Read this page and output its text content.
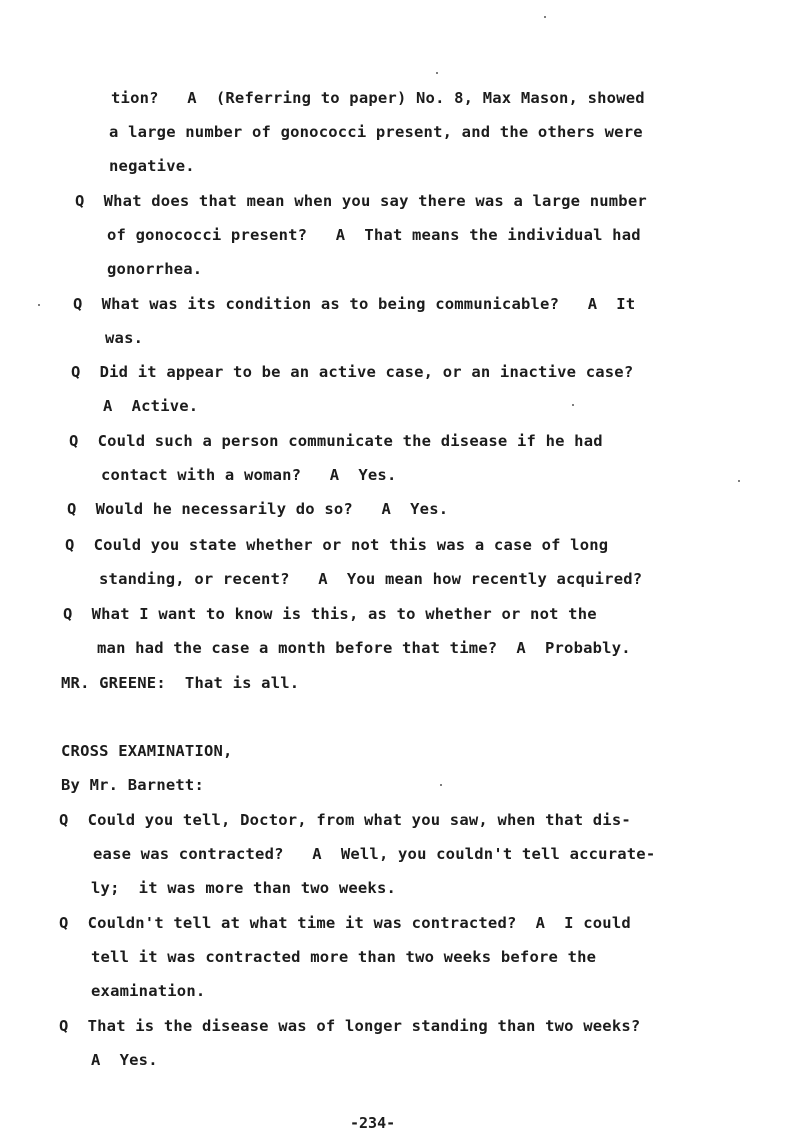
tion?   A  (Referring to paper) No. 8, Max Mason, showed
a large number of gonococci present, and the others were
negative.
Q  What does that mean when you say there was a large number
of gonococci present?   A  That means the individual had
gonorrhea.
Q  What was its condition as to being communicable?   A  It
was.
Q  Did it appear to be an active case, or an inactive case?
A  Active.
Q  Could such a person communicate the disease if he had
contact with a woman?   A  Yes.
Q  Would he necessarily do so?   A  Yes.
Q  Could you state whether or not this was a case of long
standing, or recent?   A  You mean how recently acquired?
Q  What I want to know is this, as to whether or not the
man had the case a month before that time?  A  Probably.
MR. GREENE:  That is all.
CROSS EXAMINATION,
By Mr. Barnett:
Q  Could you tell, Doctor, from what you saw, when that dis-
ease was contracted?   A  Well, you couldn't tell accurate-
ly;  it was more than two weeks.
Q  Couldn't tell at what time it was contracted?  A  I could
tell it was contracted more than two weeks before the
examination.
Q  That is the disease was of longer standing than two weeks?
A  Yes.
-234-
